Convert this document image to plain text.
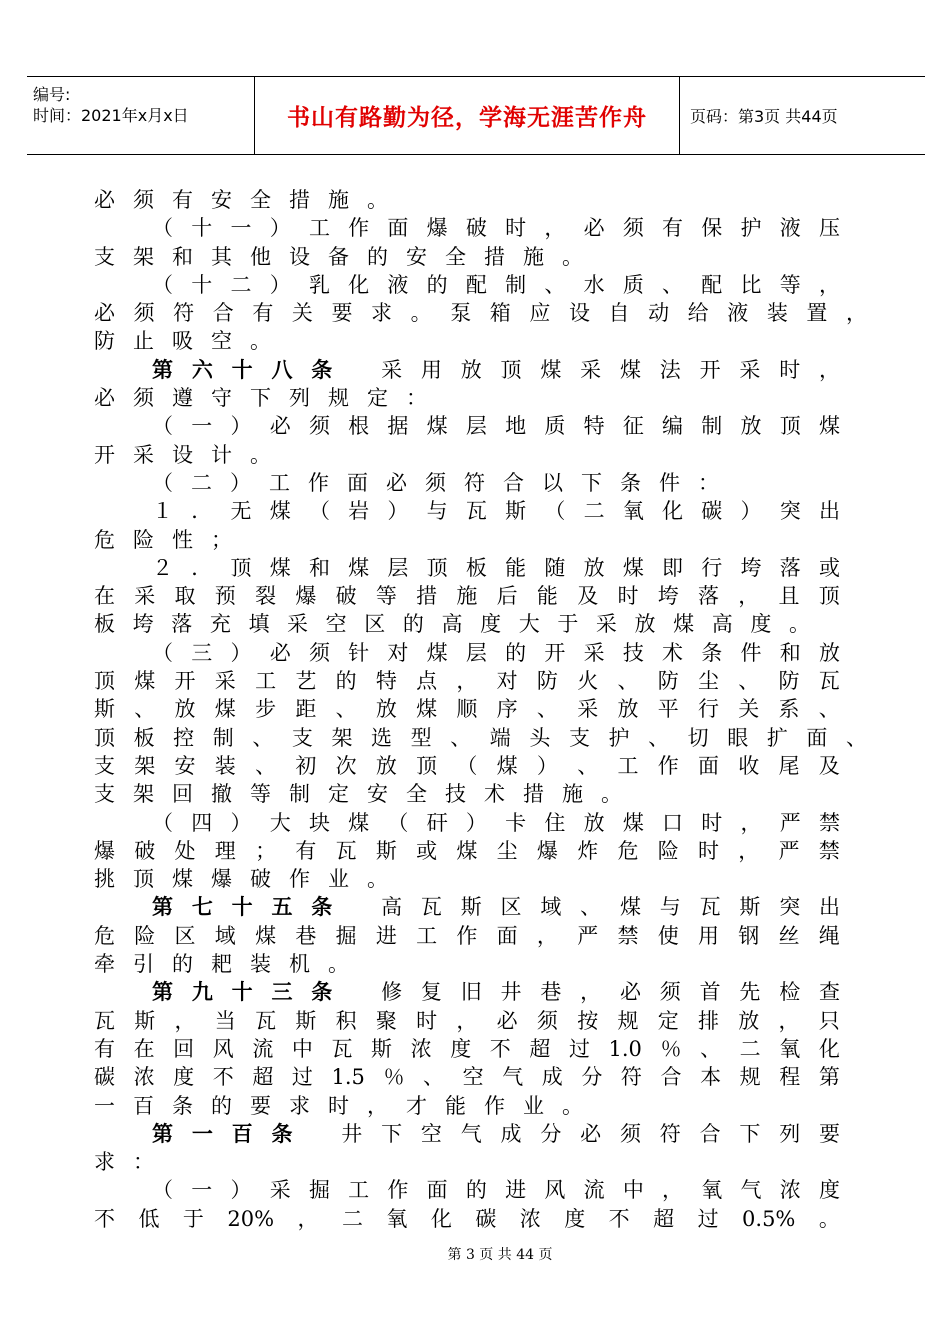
编号:
时间：2021年x月x日	书山有路勤为径，学海无涯苦作舟	页码：第3页 共44页
必须有安全措施。
（ 十 一 ） 工 作 面 爆 破 时 ， 必 须 有 保 护 液 压
支架和其他设备的安全措施。
（ 十 二 ） 乳 化 液 的 配 制 、 水 质 、 配 比 等 ，
必 须 符 合 有 关 要 求 。 泵 箱 应 设 自 动 给 液 装 置 ，
防止吸空。
第 六 十 八 条 采 用 放 顶 煤 采 煤 法 开 采 时 ，
必须遵守下列规定：
（ 一 ） 必 须 根 据 煤 层 地 质 特 征 编 制 放 顶 煤
开采设计。
（二）工作面必须符合以下条件：
１ ． 无 煤 （ 岩 ） 与 瓦 斯 （ 二 氧 化 碳 ） 突 出
危险性；
２ ． 顶 煤 和 煤 层 顶 板 能 随 放 煤 即 行 垮 落 或
在 采 取 预 裂 爆 破 等 措 施 后 能 及 时 垮 落 ， 且 顶
板 垮 落 充 填 采 空 区 的 高 度 大 于 采 放 煤 高 度 。
（ 三 ） 必 须 针 对 煤 层 的 开 采 技 术 条 件 和 放
顶 煤 开 采 工 艺 的 特 点 ， 对 防 火 、 防 尘 、 防 瓦
斯 、 放 煤 步 距 、 放 煤 顺 序 、 采 放 平 行 关 系 、
顶 板 控 制 、 支 架 选 型 、 端 头 支 护 、 切 眼 扩 面 、
支 架 安 装 、 初 次 放 顶 （ 煤 ） 、 工 作 面 收 尾 及
支架回撤等制定安全技术措施。
（ 四 ） 大 块 煤 （ 矸 ） 卡 住 放 煤 口 时 ， 严 禁
爆 破 处 理 ； 有 瓦 斯 或 煤 尘 爆 炸 危 险 时 ， 严 禁
挑顶煤爆破作业。
第 七 十 五 条 高 瓦 斯 区 域 、 煤 与 瓦 斯 突 出
危 险 区 域 煤 巷 掘 进 工 作 面 ， 严 禁 使 用 钢 丝 绳
牵引的耙装机。
第 九 十 三 条 修 复 旧 井 巷 ， 必 须 首 先 检 查
瓦 斯 ， 当 瓦 斯 积 聚 时 ， 必 须 按 规 定 排 放 ， 只
有 在 回 风 流 中 瓦 斯 浓 度 不 超 过 1.0 ％ 、 二 氧 化
碳 浓 度 不 超 过 1.5 ％ 、 空 气 成 分 符 合 本 规 程 第
一百条的要求时，才能作业。
第 一 百 条 井 下 空 气 成 分 必 须 符 合 下 列 要
求：
（ 一 ） 采 掘 工 作 面 的 进 风 流 中 ， 氧 气 浓 度
不 低 于 20% ， 二 氧 化 碳 浓 度 不 超 过 0.5% 。
第 3 页 共 44 页
